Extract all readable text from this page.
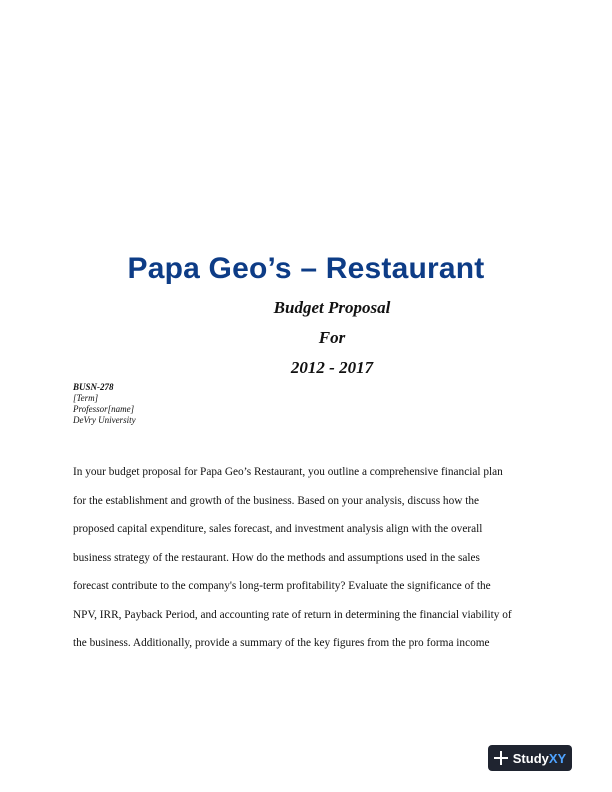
Papa Geo’s – Restaurant
Budget Proposal
For
2012 - 2017
BUSN-278
[Term]
Professor[name]
DeVry University
In your budget proposal for Papa Geo’s Restaurant, you outline a comprehensive financial plan
for the establishment and growth of the business. Based on your analysis, discuss how the
proposed capital expenditure, sales forecast, and investment analysis align with the overall
business strategy of the restaurant. How do the methods and assumptions used in the sales
forecast contribute to the company's long-term profitability? Evaluate the significance of the
NPV, IRR, Payback Period, and accounting rate of return in determining the financial viability of
the business. Additionally, provide a summary of the key figures from the pro forma income
StudyXY
